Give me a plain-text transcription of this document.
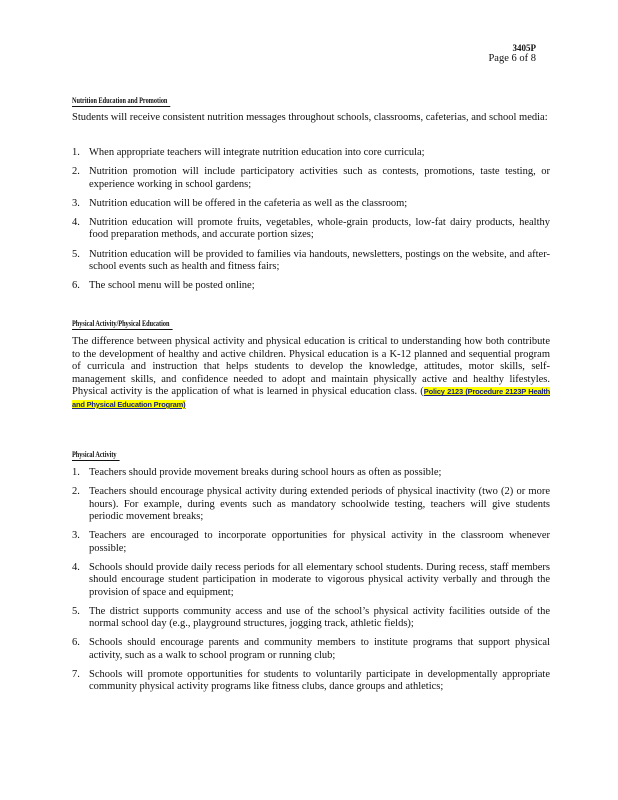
3405P
Page 6 of 8
Nutrition Education and Promotion

Students will receive consistent nutrition messages throughout schools, classrooms, cafeterias, and school media:

1. When appropriate teachers will integrate nutrition education into core curricula;
2. Nutrition promotion will include participatory activities such as contests, promotions, taste testing, or experience working in school gardens;
3. Nutrition education will be offered in the cafeteria as well as the classroom;
4. Nutrition education will promote fruits, vegetables, whole-grain products, low-fat dairy products, healthy food preparation methods, and accurate portion sizes;
5. Nutrition education will be provided to families via handouts, newsletters, postings on the website, and after-school events such as health and fitness fairs;
6. The school menu will be posted online;
Physical Activity/Physical Education

The difference between physical activity and physical education is critical to understanding how both contribute to the development of healthy and active children. Physical education is a K-12 planned and sequential program of curricula and instruction that helps students to develop the knowledge, attitudes, motor skills, self-management skills, and confidence needed to adopt and maintain physically active and healthy lifestyles. Physical activity is the application of what is learned in physical education class. (Policy 2123 (Procedure 2123P Health and Physical Education Program)

Physical Activity
1. Teachers should provide movement breaks during school hours as often as possible;
2. Teachers should encourage physical activity during extended periods of physical inactivity (two (2) or more hours). For example, during events such as mandatory schoolwide testing, teachers will give students periodic movement breaks;
3. Teachers are encouraged to incorporate opportunities for physical activity in the classroom whenever possible;
4. Schools should provide daily recess periods for all elementary school students. During recess, staff members should encourage student participation in moderate to vigorous physical activity verbally and through the provision of space and equipment;
5. The district supports community access and use of the school’s physical activity facilities outside of the normal school day (e.g., playground structures, jogging track, athletic fields);
6. Schools should encourage parents and community members to institute programs that support physical activity, such as a walk to school program or running club;
7. Schools will promote opportunities for students to voluntarily participate in developmentally appropriate community physical activity programs like fitness clubs, dance groups and athletics;
